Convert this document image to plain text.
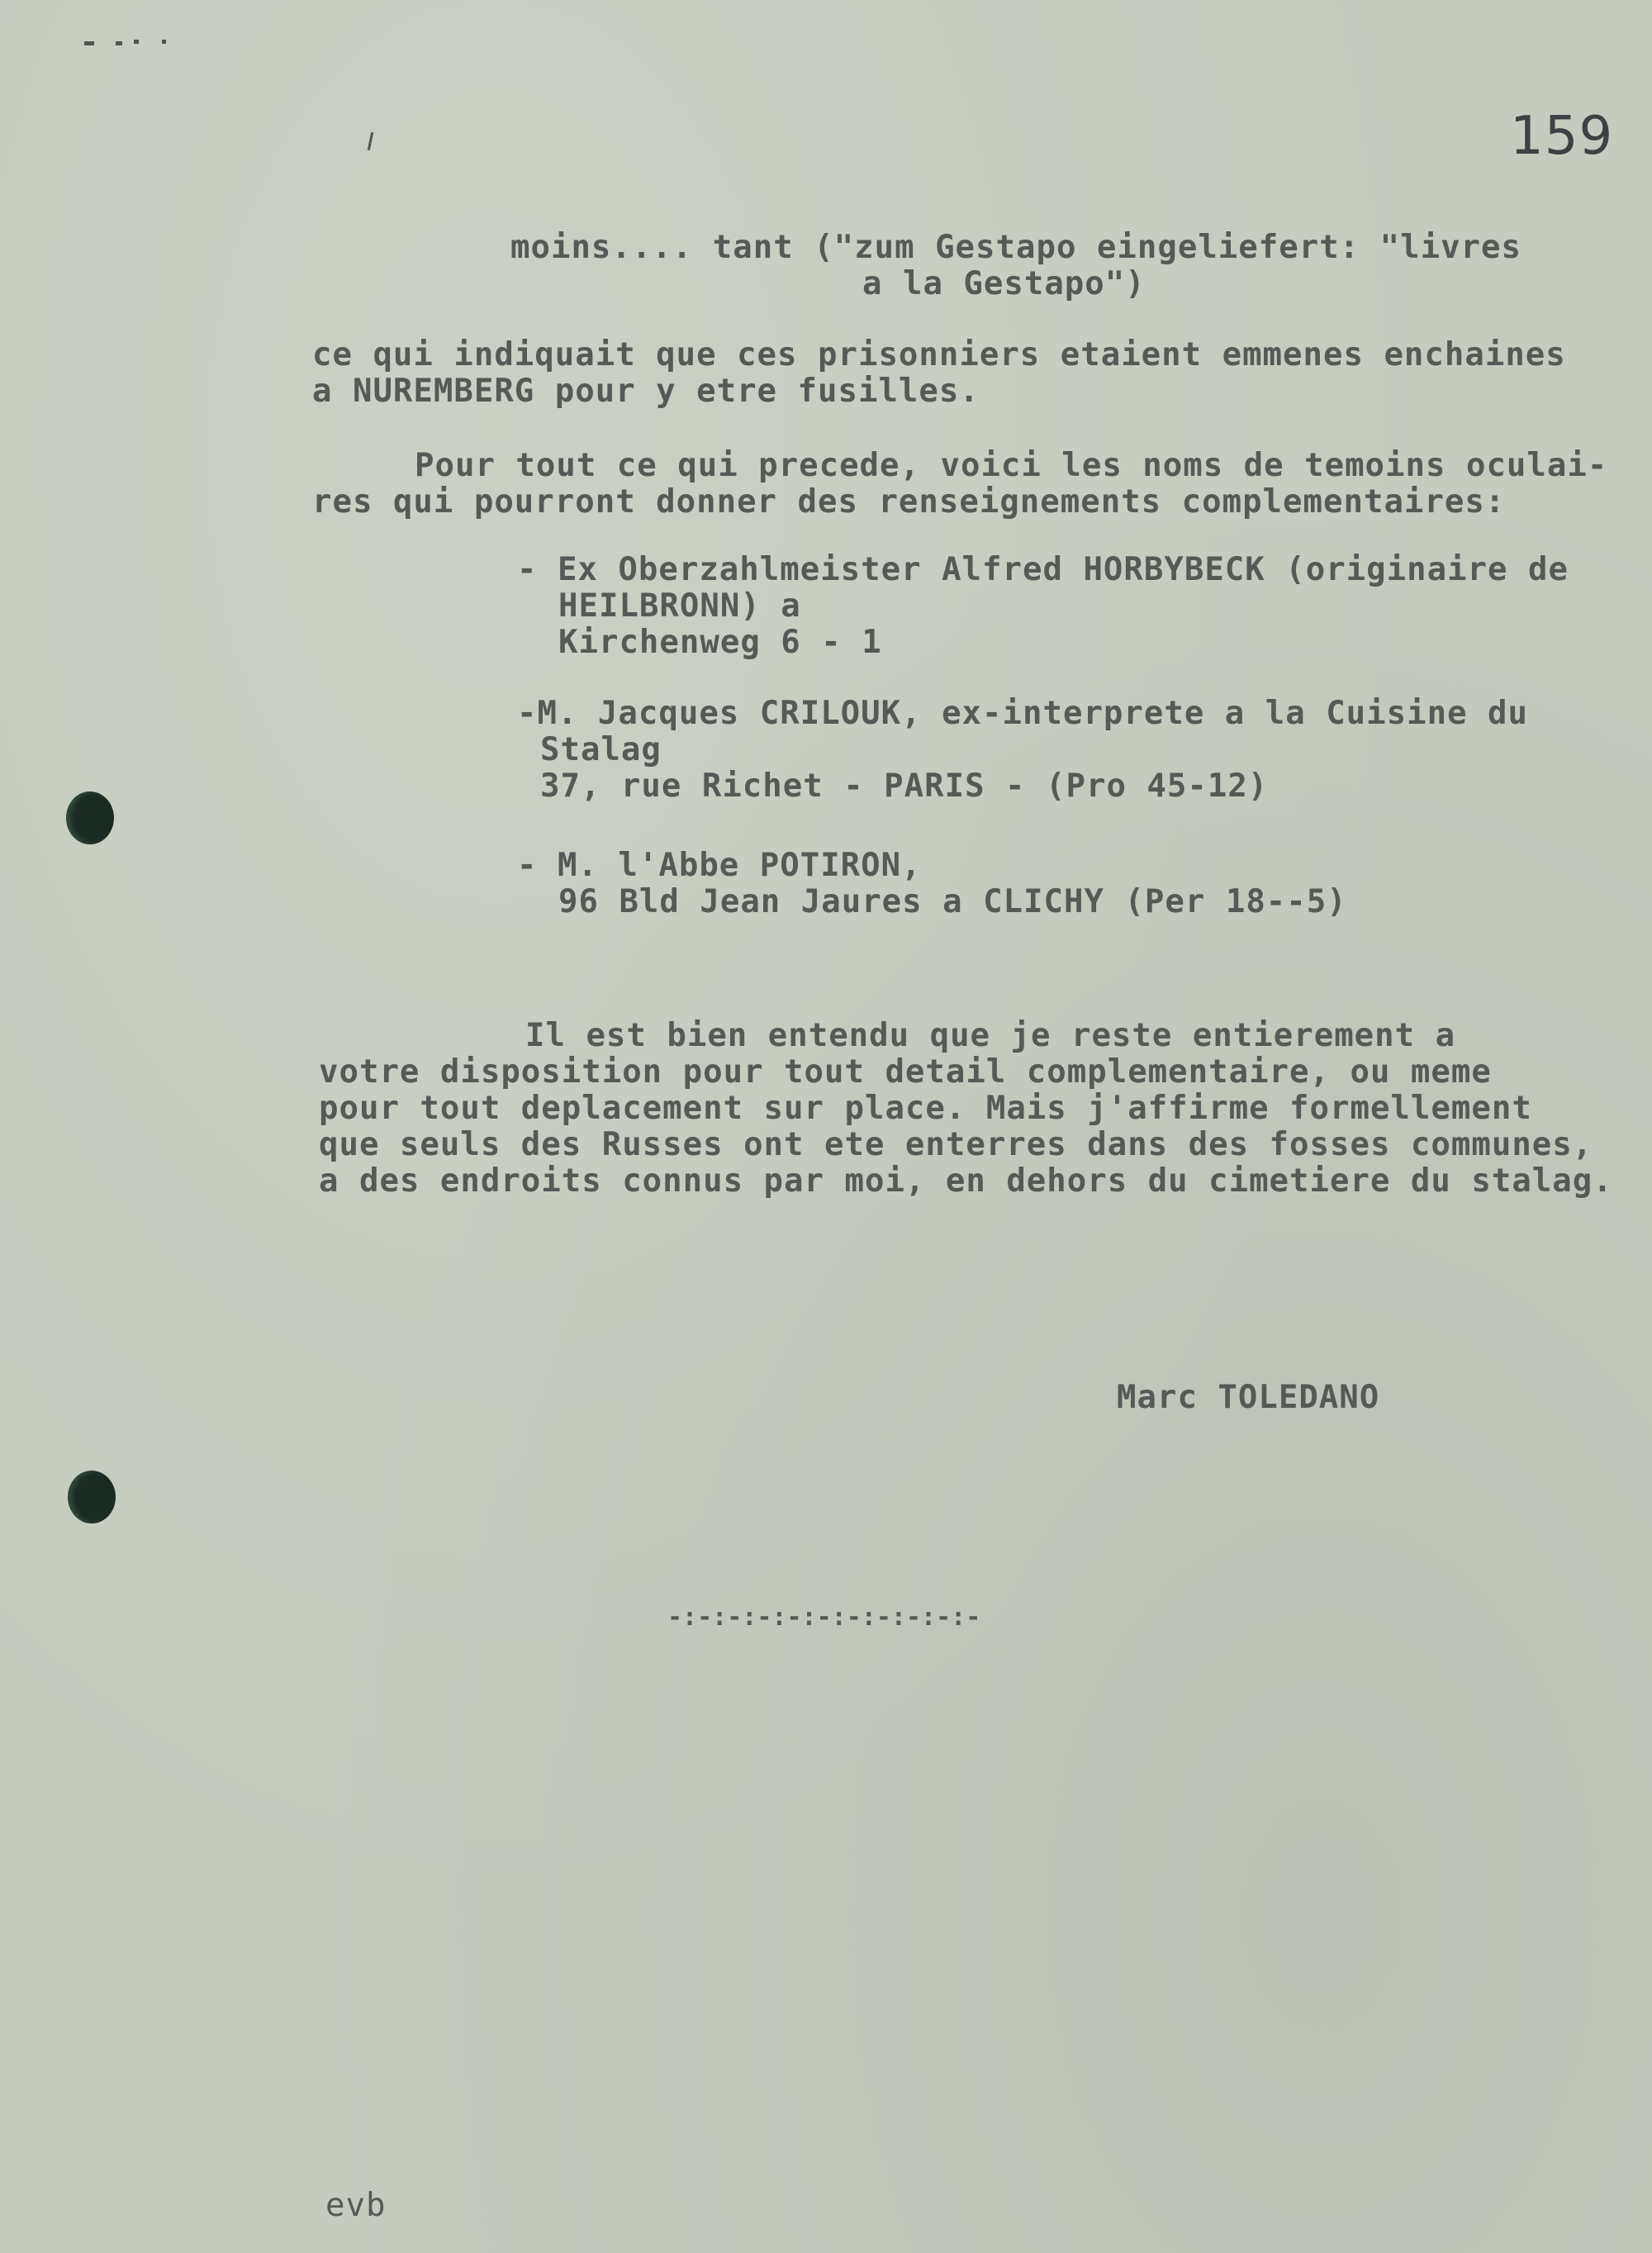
159
moins.... tant ("zum Gestapo eingeliefert: "livres
a la Gestapo")
ce qui indiquait que ces prisonniers etaient emmenes enchaines
a NUREMBERG pour y etre fusilles.
Pour tout ce qui precede, voici les noms de temoins oculai-
res qui pourront donner des renseignements complementaires:
- Ex Oberzahlmeister Alfred HORBYBECK (originaire de
HEILBRONN) a
Kirchenweg 6 - 1
-M. Jacques CRILOUK, ex-interprete a la Cuisine du
Stalag
37, rue Richet - PARIS - (Pro 45-12)
- M. l'Abbe POTIRON,
96 Bld Jean Jaures a CLICHY (Per 18--5)
Il est bien entendu que je reste entierement a
votre disposition pour tout detail complementaire, ou meme
pour tout deplacement sur place. Mais j'affirme formellement
que seuls des Russes ont ete enterres dans des fosses communes,
a des endroits connus par moi, en dehors du cimetiere du stalag.
Marc TOLEDANO
-:-:-:-:-:-:-:-:-:-:-
evb
